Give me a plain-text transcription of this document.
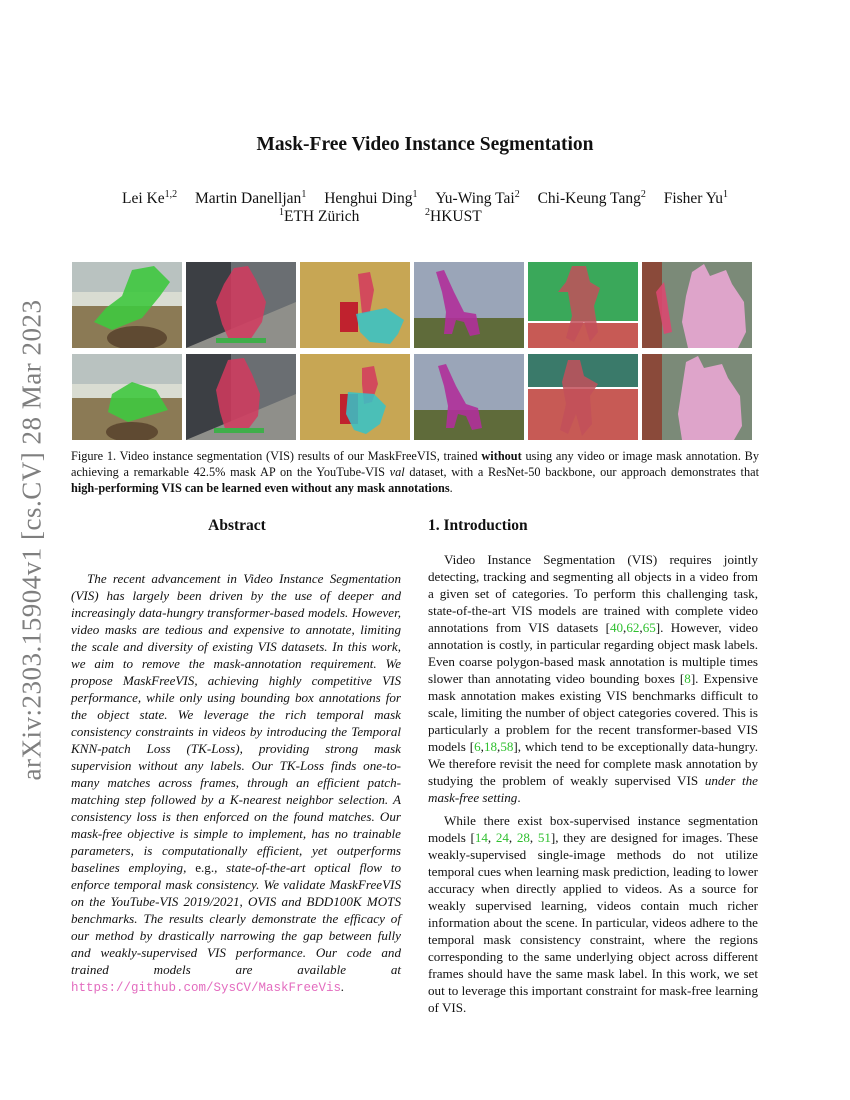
arXiv:2303.15904v1 [cs.CV] 28 Mar 2023
Mask-Free Video Instance Segmentation
Lei Ke$^{1,2}$ Martin Danelljan$^1$ Henghui Ding$^1$ Yu-Wing Tai$^2$ Chi-Keung Tang$^2$ Fisher Yu$^1$
$^1$ETH Zürich	$^2$HKUST
Figure 1. Video instance segmentation (VIS) results of our MaskFreeVIS, trained without using any video or image mask annotation. By achieving a remarkable 42.5% mask AP on the YouTube-VIS val dataset, with a ResNet-50 backbone, our approach demonstrates that high-performing VIS can be learned even without any mask annotations.
Abstract	1. Introduction

The recent advancement in Video Instance Segmentation (VIS) has largely been driven by the use of deeper and increasingly data-hungry transformer-based models. However, video masks are tedious and expensive to annotate, limiting the scale and diversity of existing VIS datasets. In this work, we aim to remove the mask-annotation requirement. We propose MaskFreeVIS, achieving highly competitive VIS performance, while only using bounding box annotations for the object state. We leverage the rich temporal mask consistency constraints in videos by introducing the Temporal KNN-patch Loss (TK-Loss), providing strong mask supervision without any labels. Our TK-Loss finds one-to-many matches across frames, through an efficient patch-matching step followed by a K-nearest neighbor selection. A consistency loss is then enforced on the found matches. Our mask-free objective is simple to implement, has no trainable parameters, is computationally efficient, yet outperforms baselines employing, e.g., state-of-the-art optical flow to enforce temporal mask consistency. We validate MaskFreeVIS on the YouTube-VIS 2019/2021, OVIS and BDD100K MOTS benchmarks. The results clearly demonstrate the efficacy of our method by drastically narrowing the gap between fully and weakly-supervised VIS performance. Our code and trained models are available at https://github.com/SysCV/MaskFreeVis.

Video Instance Segmentation (VIS) requires jointly detecting, tracking and segmenting all objects in a video from a given set of categories. To perform this challenging task, state-of-the-art VIS models are trained with complete video annotations from VIS datasets [40,62,65]. However, video annotation is costly, in particular regarding object mask labels. Even coarse polygon-based mask annotation is multiple times slower than annotating video bounding boxes [8]. Expensive mask annotation makes existing VIS benchmarks difficult to scale, limiting the number of object categories covered. This is particularly a problem for the recent transformer-based VIS models [6,18,58], which tend to be exceptionally data-hungry. We therefore revisit the need for complete mask annotation by studying the problem of weakly supervised VIS under the mask-free setting.

While there exist box-supervised instance segmentation models [14, 24, 28, 51], they are designed for images. These weakly-supervised single-image methods do not utilize temporal cues when learning mask prediction, leading to lower accuracy when directly applied to videos. As a source for weakly supervised learning, videos contain much richer information about the scene. In particular, videos adhere to the temporal mask consistency constraint, where the regions corresponding to the same underlying object across different frames should have the same mask label. In this work, we set out to leverage this important constraint for mask-free learning of VIS.
